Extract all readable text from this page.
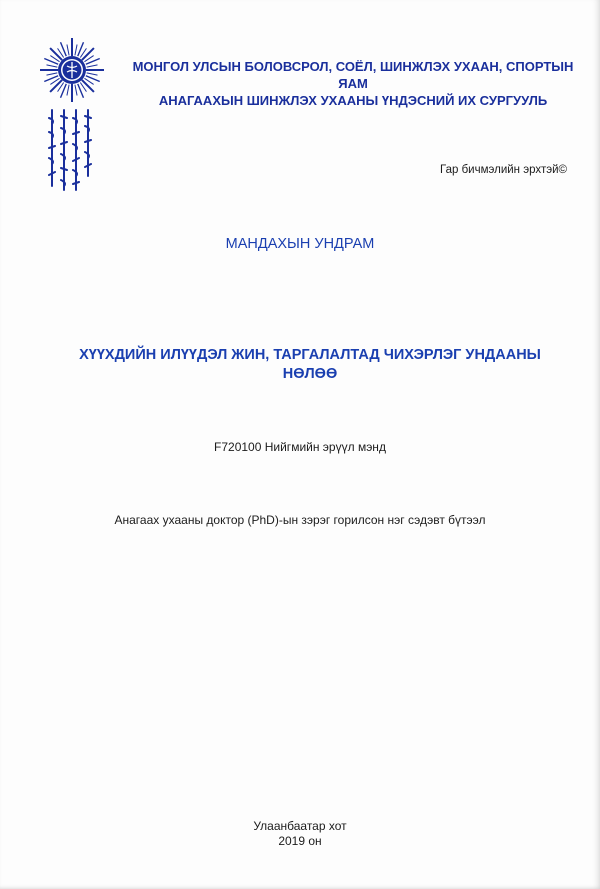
МОНГОЛ УЛСЫН БОЛОВСРОЛ, СОЁЛ, ШИНЖЛЭХ УХААН, СПОРТЫН ЯАМ
АНАГААХЫН ШИНЖЛЭХ УХААНЫ ҮНДЭСНИЙ ИХ СУРГУУЛЬ
Гар бичмэлийн эрхтэй©
МАНДАХЫН УНДРАМ
ХҮҮХДИЙН ИЛҮҮДЭЛ ЖИН, ТАРГАЛАЛТАД ЧИХЭРЛЭГ УНДААНЫ
НӨЛӨӨ
F720100 Нийгмийн эрүүл мэнд
Анагаах ухааны доктор (PhD)-ын зэрэг горилсон нэг сэдэвт бүтээл
Улаанбаатар хот
2019 он
